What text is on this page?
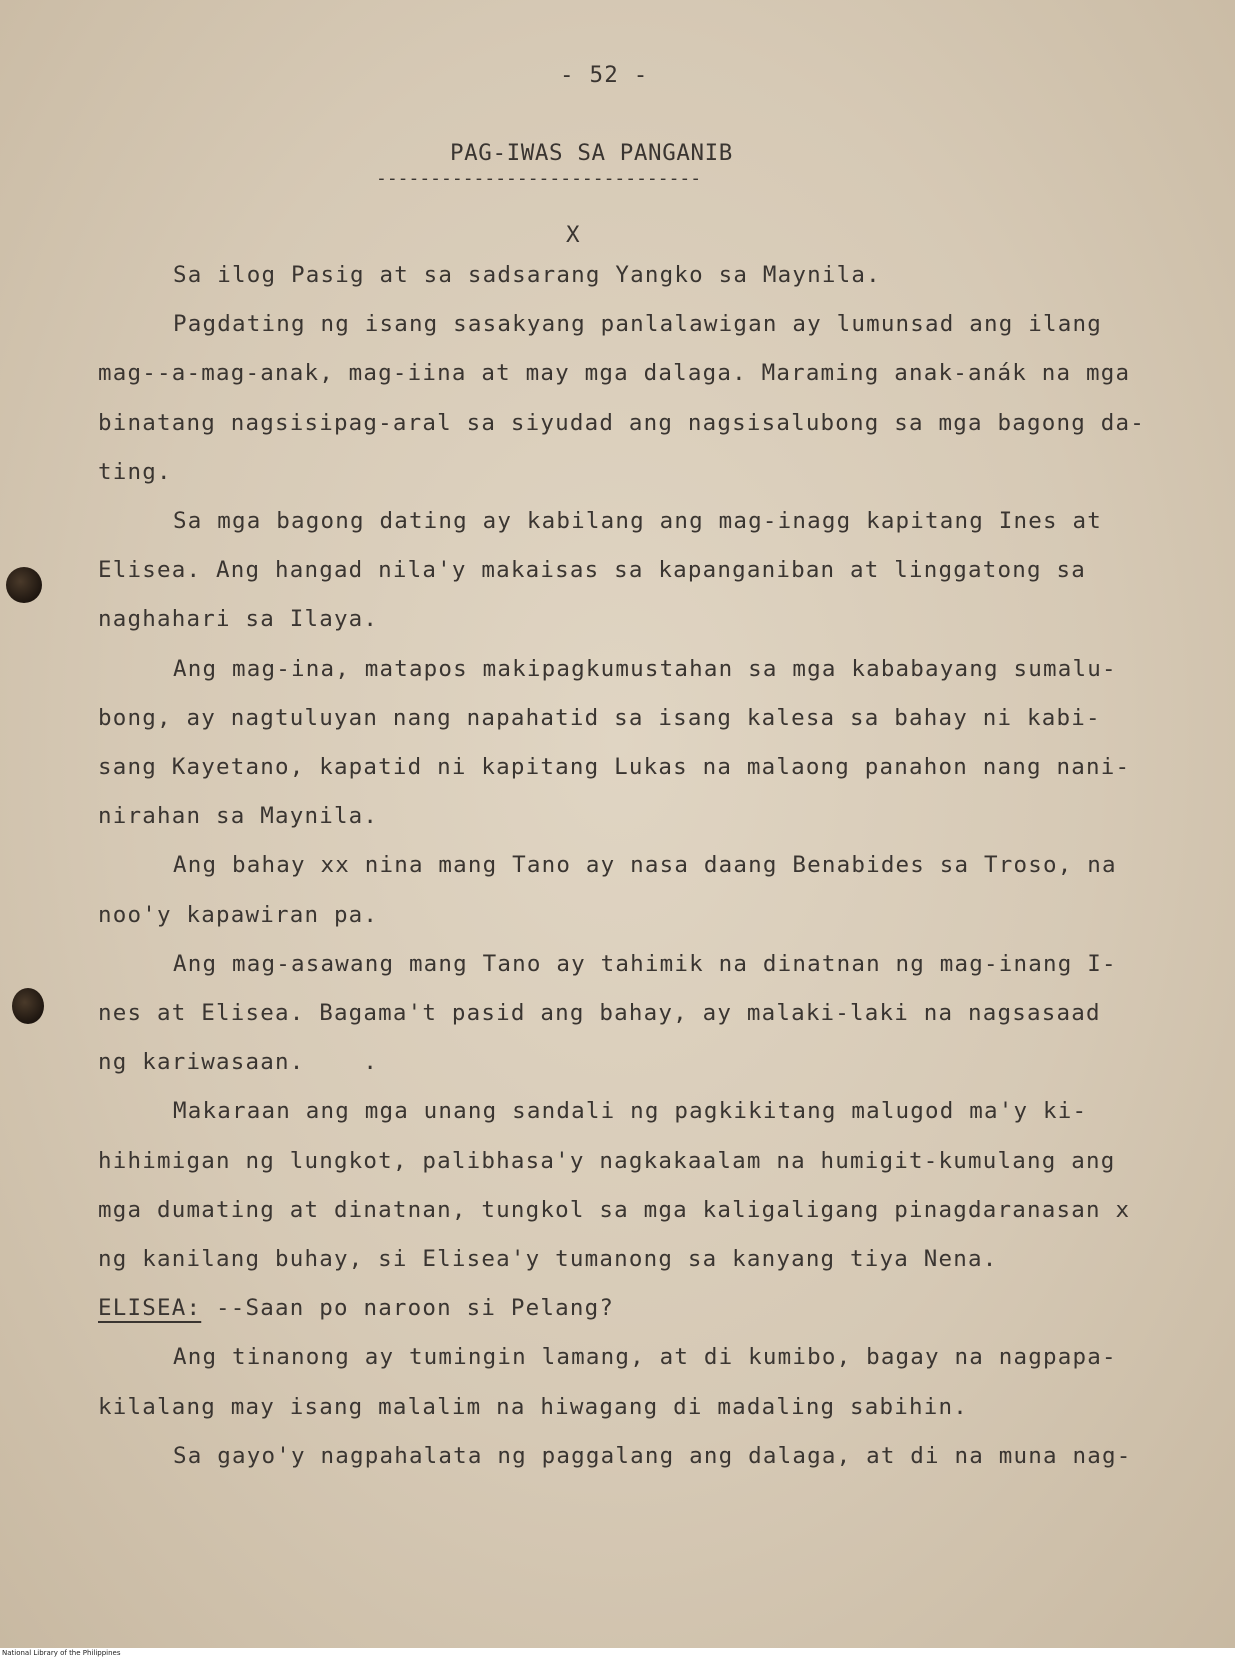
- 52 -
PAG-IWAS SA PANGANIB
------------------------------
X
Sa ilog Pasig at sa sadsarang Yangko sa Maynila.
Pagdating ng isang sasakyang panlalawigan ay lumunsad ang ilang
mag--a-mag-anak, mag-iina at may mga dalaga. Maraming anak-anák na mga
binatang nagsisipag-aral sa siyudad ang nagsisalubong sa mga bagong da-
ting.
Sa mga bagong dating ay kabilang ang mag-inagg kapitang Ines at
Elisea. Ang hangad nila'y makaisas sa kapanganiban at linggatong sa
naghahari sa Ilaya.
Ang mag-ina, matapos makipagkumustahan sa mga kababayang sumalu-
bong, ay nagtuluyan nang napahatid sa isang kalesa sa bahay ni kabi-
sang Kayetano, kapatid ni kapitang Lukas na malaong panahon nang nani-
nirahan sa Maynila.
Ang bahay xx nina mang Tano ay nasa daang Benabides sa Troso, na
noo'y kapawiran pa.
Ang mag-asawang mang Tano ay tahimik na dinatnan ng mag-inang I-
nes at Elisea. Bagama't pasid ang bahay, ay malaki-laki na nagsasaad
ng kariwasaan.    .
Makaraan ang mga unang sandali ng pagkikitang malugod ma'y ki-
hihimigan ng lungkot, palibhasa'y nagkakaalam na humigit-kumulang ang
mga dumating at dinatnan, tungkol sa mga kaligaligang pinagdaranasan x
ng kanilang buhay, si Elisea'y tumanong sa kanyang tiya Nena.
ELISEA: --Saan po naroon si Pelang?
Ang tinanong ay tumingin lamang, at di kumibo, bagay na nagpapa-
kilalang may isang malalim na hiwagang di madaling sabihin.
Sa gayo'y nagpahalata ng paggalang ang dalaga, at di na muna nag-
National Library of the Philippines
